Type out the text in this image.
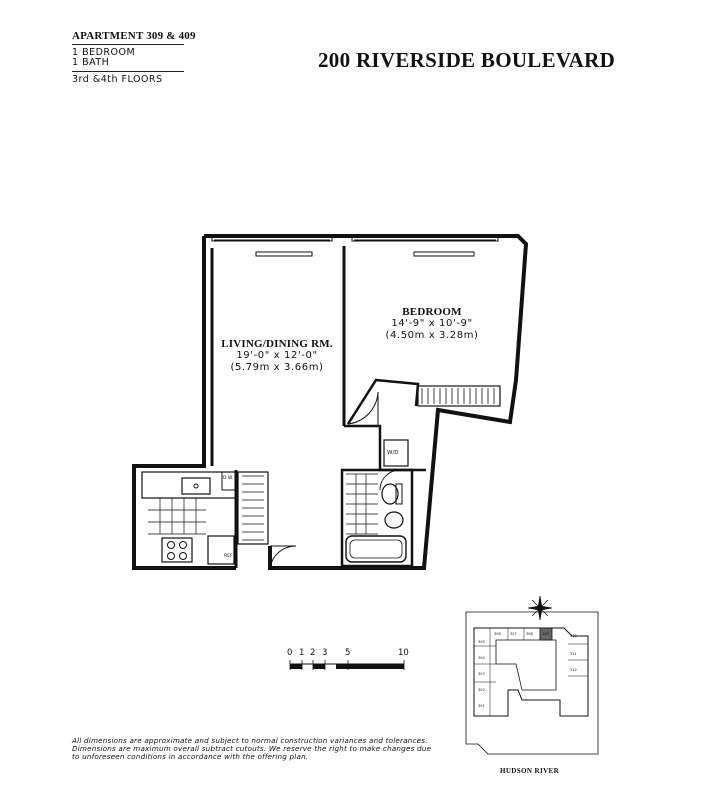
APARTMENT 309 & 409
1 BEDROOM
1 BATH
3rd &4th FLOORS
200 RIVERSIDE BOULEVARD
LIVING/DINING RM.
19'-0" x 12'-0"
(5.79m x 3.66m)
BEDROOM
14'-9" x 10'-9"
(4.50m x 3.28m)
W/D
D.W.
REF
0 1 2 3 5	10
309
308
307
306	310
305
304
311
303
312
302
301
All dimensions are approximate and subject to normal construction variances and tolerances.
Dimensions are maximum overall subtract cutouts. We reserve the right to make changes due
to unforeseen conditions in accordance with the offering plan.
HUDSON RIVER
